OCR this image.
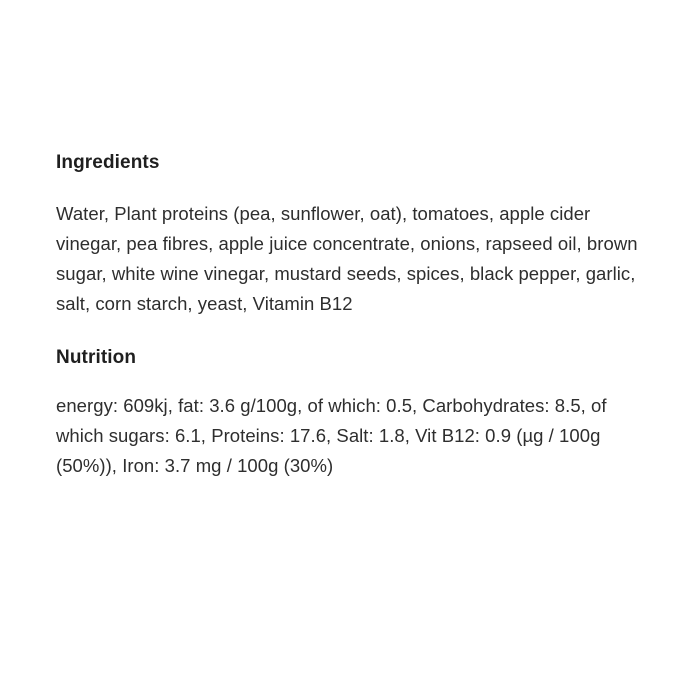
Ingredients

Water, Plant proteins (pea, sunflower, oat), tomatoes, apple cider vinegar, pea fibres, apple juice concentrate, onions, rapseed oil, brown sugar, white wine vinegar, mustard seeds, spices, black pepper, garlic, salt, corn starch, yeast, Vitamin B12

Nutrition

energy: 609kj, fat: 3.6 g/100g, of which: 0.5, Carbohydrates: 8.5, of which sugars: 6.1, Proteins: 17.6, Salt: 1.8, Vit B12: 0.9 (µg / 100g (50%)), Iron: 3.7 mg / 100g (30%)
